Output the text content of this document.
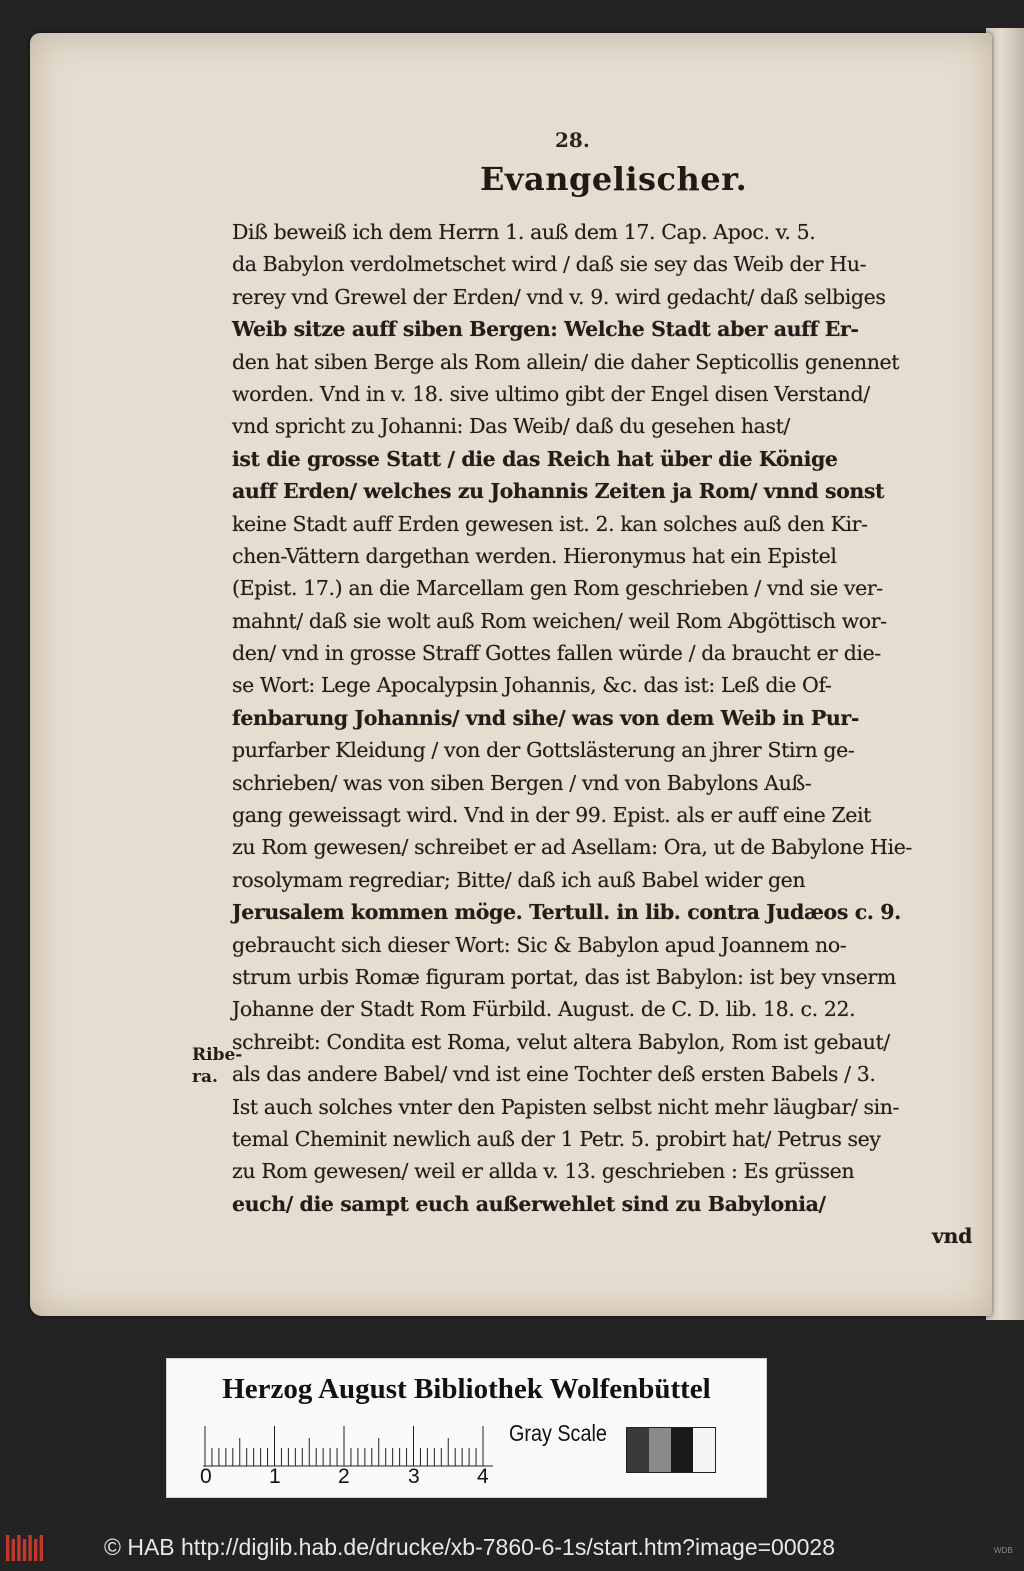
28.
Evangelischer.
Diß beweiß ich dem Herrn 1. auß dem 17. Cap. Apoc. v. 5.
da Babylon verdolmetschet wird / daß sie sey das Weib der Hu-
rerey vnd Grewel der Erden/ vnd v. 9. wird gedacht/ daß selbiges
Weib sitze auff siben Bergen: Welche Stadt aber auff Er-
den hat siben Berge als Rom allein/ die daher Septicollis genennet
worden. Vnd in v. 18. sive ultimo gibt der Engel disen Verstand/
vnd spricht zu Johanni: Das Weib/ daß du gesehen hast/
ist die grosse Statt / die das Reich hat über die Könige
auff Erden/ welches zu Johannis Zeiten ja Rom/ vnnd sonst
keine Stadt auff Erden gewesen ist. 2. kan solches auß den Kir-
chen-Vättern dargethan werden. Hieronymus hat ein Epistel
(Epist. 17.) an die Marcellam gen Rom geschrieben / vnd sie ver-
mahnt/ daß sie wolt auß Rom weichen/ weil Rom Abgöttisch wor-
den/ vnd in grosse Straff Gottes fallen würde / da braucht er die-
se Wort: Lege Apocalypsin Johannis, &c. das ist: Leß die Of-
fenbarung Johannis/ vnd sihe/ was von dem Weib in Pur-
purfarber Kleidung / von der Gottslästerung an jhrer Stirn ge-
schrieben/ was von siben Bergen / vnd von Babylons Auß-
gang geweissagt wird. Vnd in der 99. Epist. als er auff eine Zeit
zu Rom gewesen/ schreibet er ad Asellam: Ora, ut de Babylone Hie-
rosolymam regrediar; Bitte/ daß ich auß Babel wider gen
Jerusalem kommen möge. Tertull. in lib. contra Judæos c. 9.
gebraucht sich dieser Wort: Sic & Babylon apud Joannem no-
strum urbis Romæ figuram portat, das ist Babylon: ist bey vnserm
Johanne der Stadt Rom Fürbild. August. de C. D. lib. 18. c. 22.
schreibt: Condita est Roma, velut altera Babylon, Rom ist gebaut/
als das andere Babel/ vnd ist eine Tochter deß ersten Babels / 3.
Ist auch solches vnter den Papisten selbst nicht mehr läugbar/ sin-
temal Cheminit newlich auß der 1 Petr. 5. probirt hat/ Petrus sey
zu Rom gewesen/ weil er allda v. 13. geschrieben : Es grüssen
euch/ die sampt euch außerwehlet sind zu Babylonia/
vnd
Ribe-ra.
Herzog August Bibliothek Wolfenbüttel
0	1	2	3	4
Gray Scale
© HAB http://diglib.hab.de/drucke/xb-7860-6-1s/start.htm?image=00028	WDB
